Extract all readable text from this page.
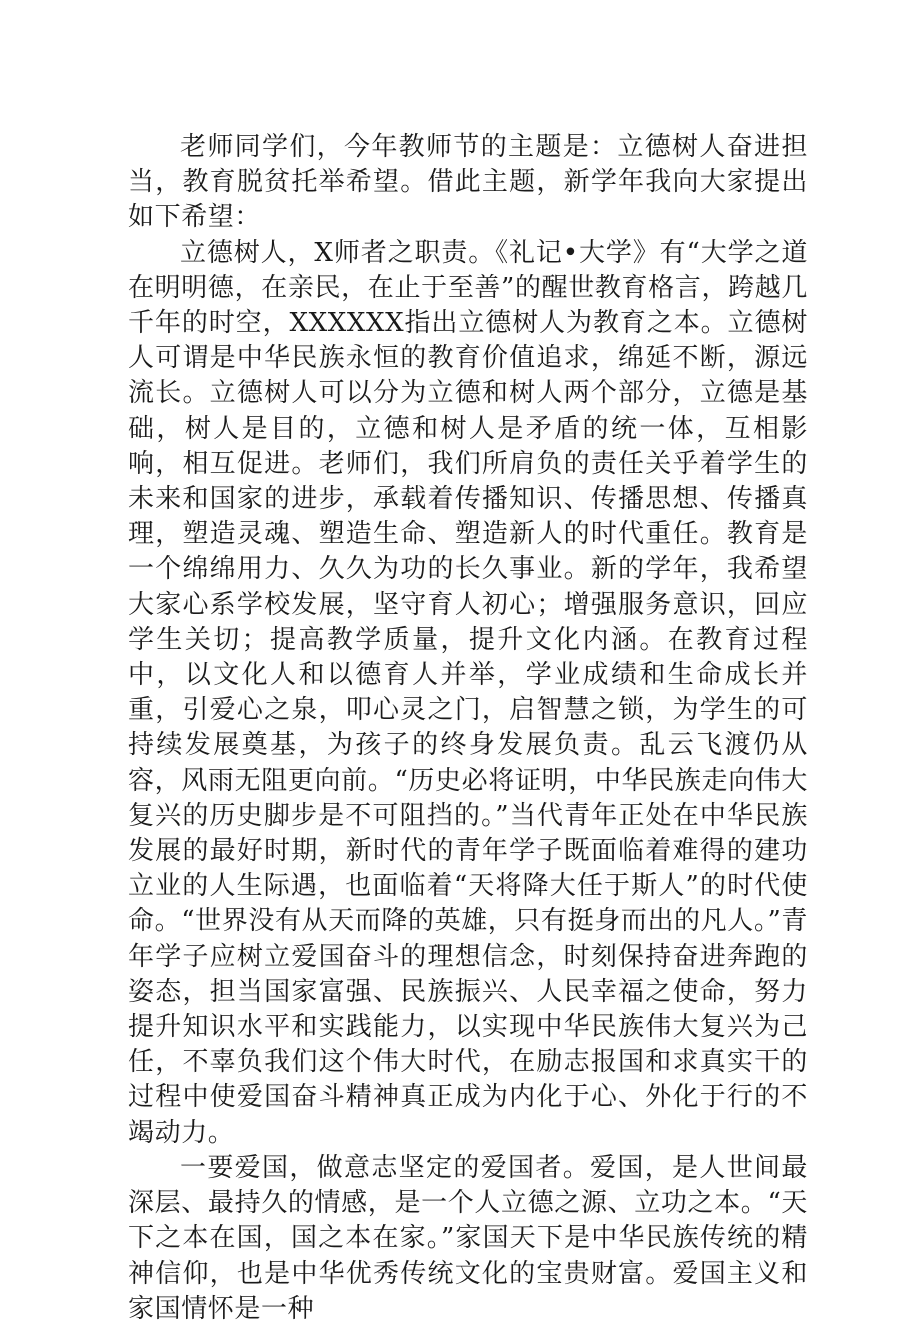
老师同学们，今年教师节的主题是：立德树人奋进担当，教育脱贫托举希望。借此主题，新学年我向大家提出如下希望：

立德树人，X师者之职责。《礼记•大学》有“大学之道在明明德，在亲民，在止于至善”的醒世教育格言，跨越几千年的时空，XXXXXX指出立德树人为教育之本。立德树人可谓是中华民族永恒的教育价值追求，绵延不断，源远流长。立德树人可以分为立德和树人两个部分，立德是基础，树人是目的，立德和树人是矛盾的统一体，互相影响，相互促进。老师们，我们所肩负的责任关乎着学生的未来和国家的进步，承载着传播知识、传播思想、传播真理，塑造灵魂、塑造生命、塑造新人的时代重任。教育是一个绵绵用力、久久为功的长久事业。新的学年，我希望大家心系学校发展，坚守育人初心；增强服务意识，回应学生关切；提高教学质量，提升文化内涵。在教育过程中，以文化人和以德育人并举，学业成绩和生命成长并重，引爱心之泉，叩心灵之门，启智慧之锁，为学生的可持续发展奠基，为孩子的终身发展负责。乱云飞渡仍从容，风雨无阻更向前。“历史必将证明，中华民族走向伟大复兴的历史脚步是不可阻挡的。”当代青年正处在中华民族发展的最好时期，新时代的青年学子既面临着难得的建功立业的人生际遇，也面临着“天将降大任于斯人”的时代使命。“世界没有从天而降的英雄，只有挺身而出的凡人。”青年学子应树立爱国奋斗的理想信念，时刻保持奋进奔跑的姿态，担当国家富强、民族振兴、人民幸福之使命，努力提升知识水平和实践能力，以实现中华民族伟大复兴为己任，不辜负我们这个伟大时代，在励志报国和求真实干的过程中使爱国奋斗精神真正成为内化于心、外化于行的不竭动力。

一要爱国，做意志坚定的爱国者。爱国，是人世间最深层、最持久的情感，是一个人立德之源、立功之本。“天下之本在国，国之本在家。”家国天下是中华民族传统的精神信仰，也是中华优秀传统文化的宝贵财富。爱国主义和家国情怀是一种
